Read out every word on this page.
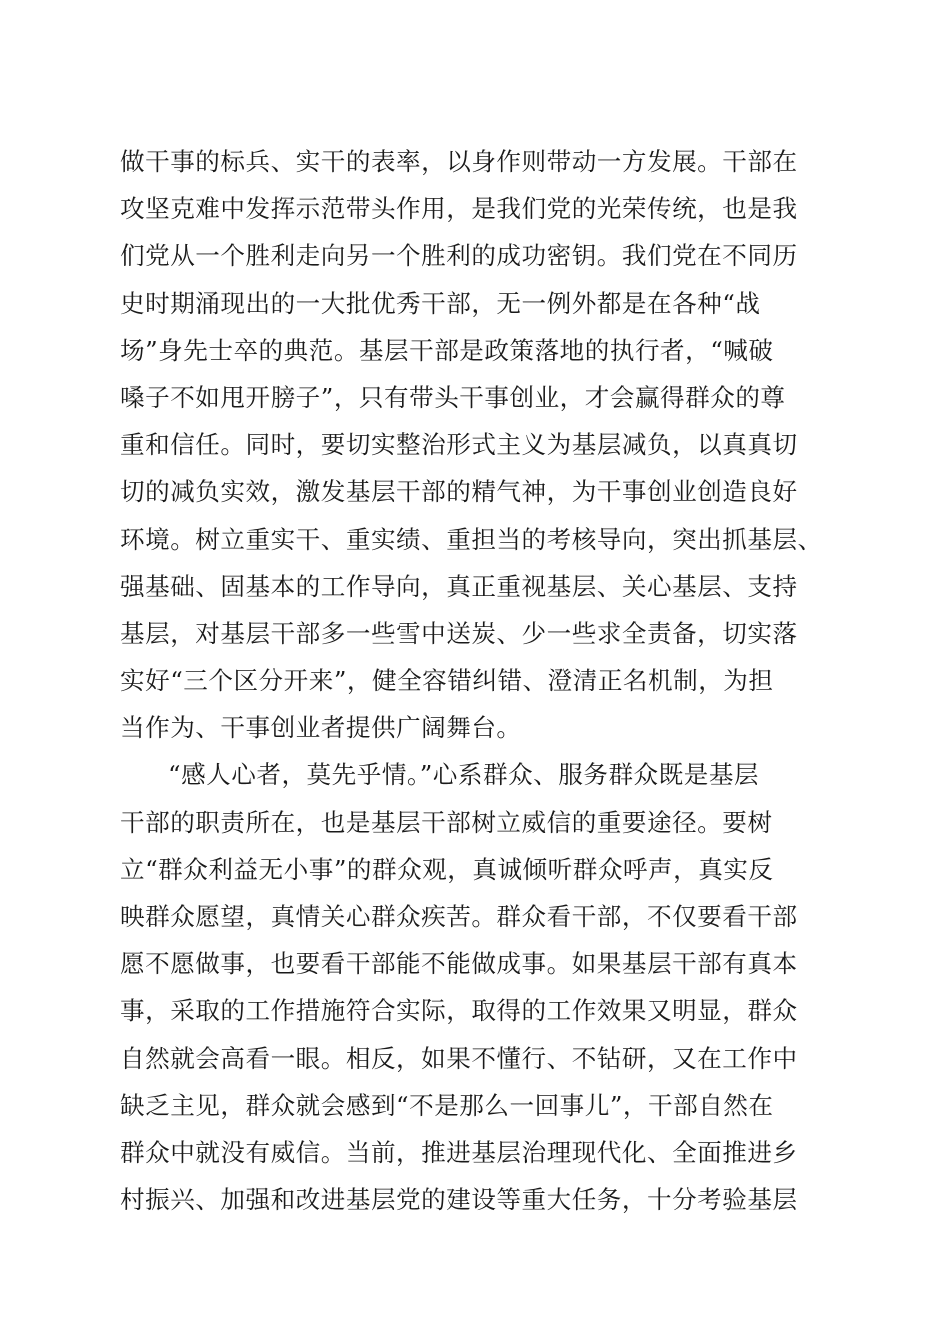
做干事的标兵、实干的表率，以身作则带动一方发展。干部在
攻坚克难中发挥示范带头作用，是我们党的光荣传统，也是我
们党从一个胜利走向另一个胜利的成功密钥。我们党在不同历
史时期涌现出的一大批优秀干部，无一例外都是在各种“战
场”身先士卒的典范。基层干部是政策落地的执行者，“喊破
嗓子不如甩开膀子”，只有带头干事创业，才会赢得群众的尊
重和信任。同时，要切实整治形式主义为基层减负，以真真切
切的减负实效，激发基层干部的精气神，为干事创业创造良好
环境。树立重实干、重实绩、重担当的考核导向，突出抓基层、
强基础、固基本的工作导向，真正重视基层、关心基层、支持
基层，对基层干部多一些雪中送炭、少一些求全责备，切实落
实好“三个区分开来”，健全容错纠错、澄清正名机制，为担
当作为、干事创业者提供广阔舞台。
“感人心者，莫先乎情。”心系群众、服务群众既是基层
干部的职责所在，也是基层干部树立威信的重要途径。要树
立“群众利益无小事”的群众观，真诚倾听群众呼声，真实反
映群众愿望，真情关心群众疾苦。群众看干部，不仅要看干部
愿不愿做事，也要看干部能不能做成事。如果基层干部有真本
事，采取的工作措施符合实际，取得的工作效果又明显，群众
自然就会高看一眼。相反，如果不懂行、不钻研，又在工作中
缺乏主见，群众就会感到“不是那么一回事儿”，干部自然在
群众中就没有威信。当前，推进基层治理现代化、全面推进乡
村振兴、加强和改进基层党的建设等重大任务，十分考验基层
